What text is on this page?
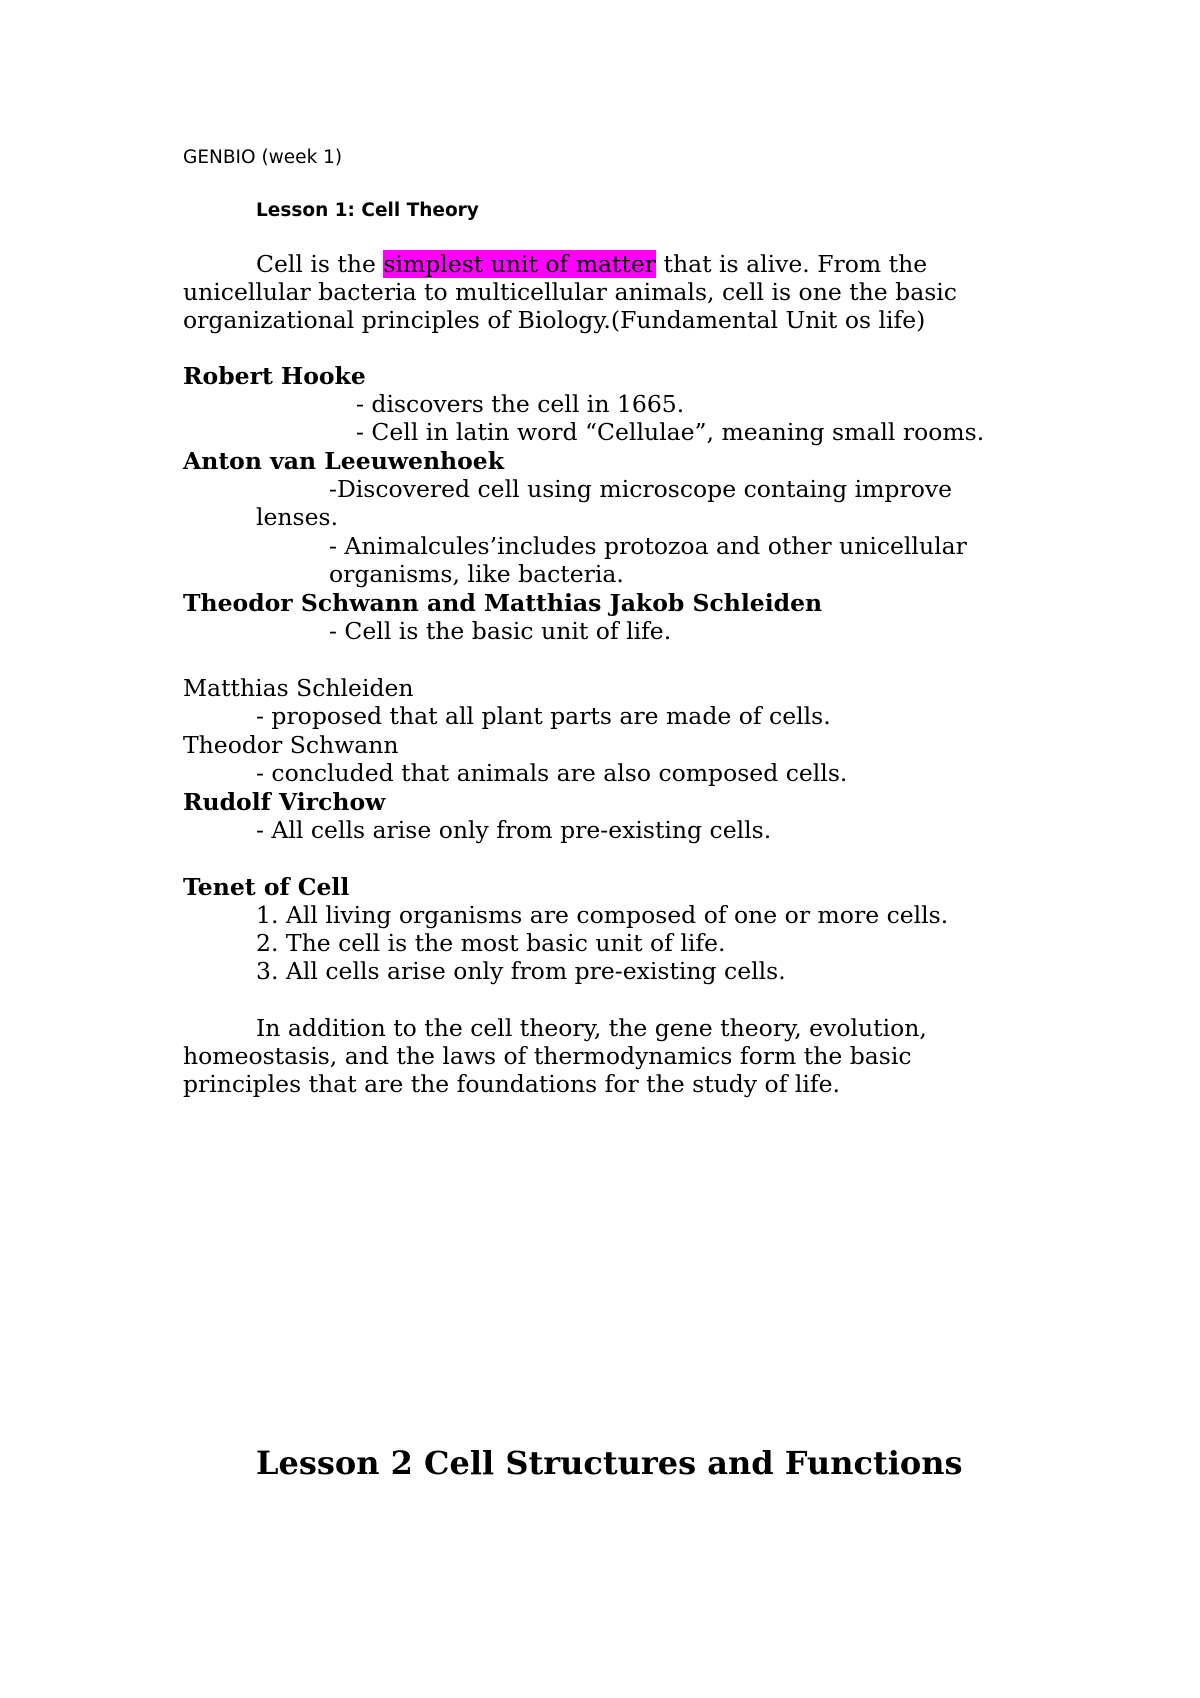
GENBIO (week 1)
Lesson 1: Cell Theory
Cell is the simplest unit of matter that is alive. From the
unicellular bacteria to multicellular animals, cell is one the basic
organizational principles of Biology.(Fundamental Unit os life)
Robert Hooke
- discovers the cell in 1665.
- Cell in latin word “Cellulae”, meaning small rooms.
Anton van Leeuwenhoek
-Discovered cell using microscope containg improve
lenses.
- Animalcules’includes protozoa and other unicellular
organisms, like bacteria.
Theodor Schwann and Matthias Jakob Schleiden
- Cell is the basic unit of life.
Matthias Schleiden
- proposed that all plant parts are made of cells.
Theodor Schwann
- concluded that animals are also composed cells.
Rudolf Virchow
- All cells arise only from pre-existing cells.
Tenet of Cell
1. All living organisms are composed of one or more cells.
2. The cell is the most basic unit of life.
3. All cells arise only from pre-existing cells.
In addition to the cell theory, the gene theory, evolution,
homeostasis, and the laws of thermodynamics form the basic
principles that are the foundations for the study of life.
Lesson 2 Cell Structures and Functions
